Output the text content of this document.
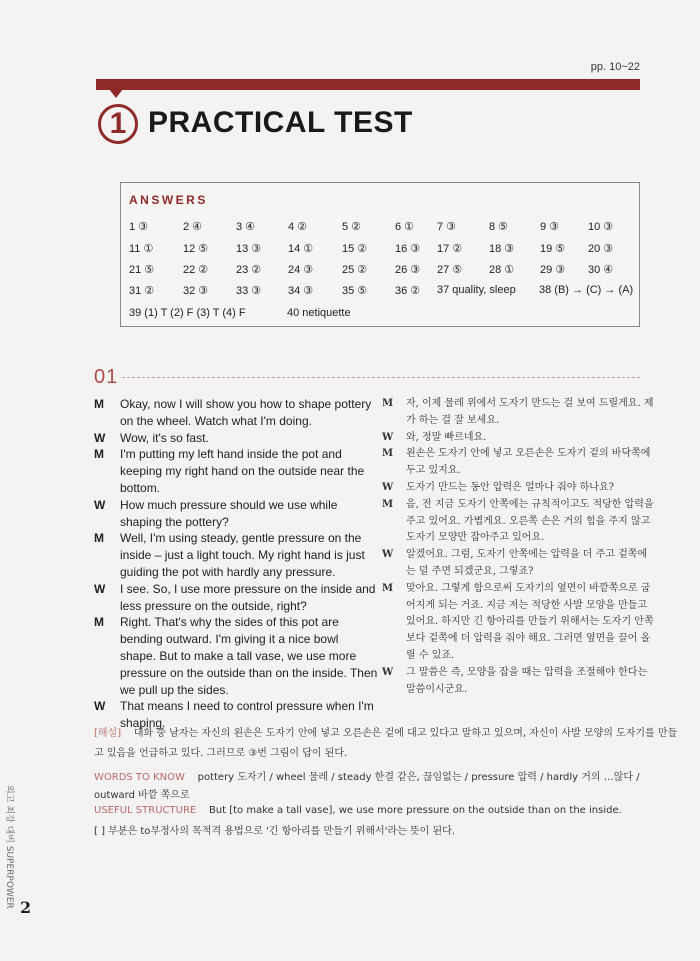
pp. 10~22
1 PRACTICAL TEST
ANSWERS
1 ③	2 ④	3 ④	4 ②	5 ②	6 ① 7 ③	8 ⑤	9 ③	10 ③
11 ①	12 ⑤	13 ③ 14 ①	15 ②	16 ③ 17 ② 18 ③ 19 ⑤ 20 ③
21 ⑤	22 ②	23 ② 24 ③	25 ②	26 ③ 27 ⑤ 28 ① 29 ③ 30 ④
31 ②	32 ③	33 ③ 34 ③	35 ⑤	36 ② 37 quality, sleep 38 (B) → (C) → (A)
39 (1) T (2) F (3) T (4) F	40 netiquette
01
M Okay, now I will show you how to shape pottery
on the wheel. Watch what I'm doing.
W Wow, it's so fast.
M I'm putting my left hand inside the pot and
keeping my right hand on the outside near the
bottom.
W How much pressure should we use while
shaping the pottery?
M Well, I'm using steady, gentle pressure on the
inside – just a light touch. My right hand is just
guiding the pot with hardly any pressure.
W I see. So, I use more pressure on the inside and
less pressure on the outside, right?
M Right. That's why the sides of this pot are
bending outward. I'm giving it a nice bowl
shape. But to make a tall vase, we use more
pressure on the outside than on the inside. Then
we pull up the sides.
W That means I need to control pressure when I'm
shaping.
M 자, 이제 물레 위에서 도자기 만드는 걸 보여 드릴게요. 제
가 하는 걸 잘 보세요.
W 와, 정말 빠르네요.
M 왼손은 도자기 안에 넣고 오른손은 도자기 겉의 바닥쪽에
두고 있지요.
W 도자기 만드는 동안 압력은 얼마나 줘야 하나요?
M 음, 전 지금 도자기 안쪽에는 규칙적이고도 적당한 압력을
주고 있어요. 가볍게요. 오른쪽 손은 거의 힘을 주지 않고
도자기 모양만 잡아주고 있어요.
W 알겠어요. 그럼, 도자기 안쪽에는 압력을 더 주고 겉쪽에
는 덜 주면 되겠군요, 그렇죠?
M 맞아요. 그렇게 함으로써 도자기의 옆면이 바깥쪽으로 굽
어지게 되는 거죠. 지금 저는 적당한 사발 모양을 만들고
있어요. 하지만 긴 항아리를 만들기 위해서는 도자기 안쪽
보다 겉쪽에 더 압력을 줘야 해요. 그러면 옆면을 끌어 올
릴 수 있죠.
W 그 말씀은 즉, 모양을 잡을 때는 압력을 조절해야 한다는
말씀이시군요.
[해설] 대화 중 남자는 자신의 왼손은 도자기 안에 넣고 오른손은 겉에 대고 있다고 말하고 있으며, 자신이 사발 모양의 도자기를 만들
고 있음을 언급하고 있다. 그러므로 ③번 그림이 답이 된다.
WORDS TO KNOW pottery 도자기 / wheel 물레 / steady 한결 같은, 끊임없는 / pressure 압력 / hardly 거의 …않다 /
outward 바깥 쪽으로
USEFUL STRUCTURE But [to make a tall vase], we use more pressure on the outside than on the inside.
[ ] 부분은 to부정사의 목적격 용법으로 '긴 항아리를 만들기 위해서'라는 뜻이 된다.
외고 최강 대비 SUPERPOWER 2
